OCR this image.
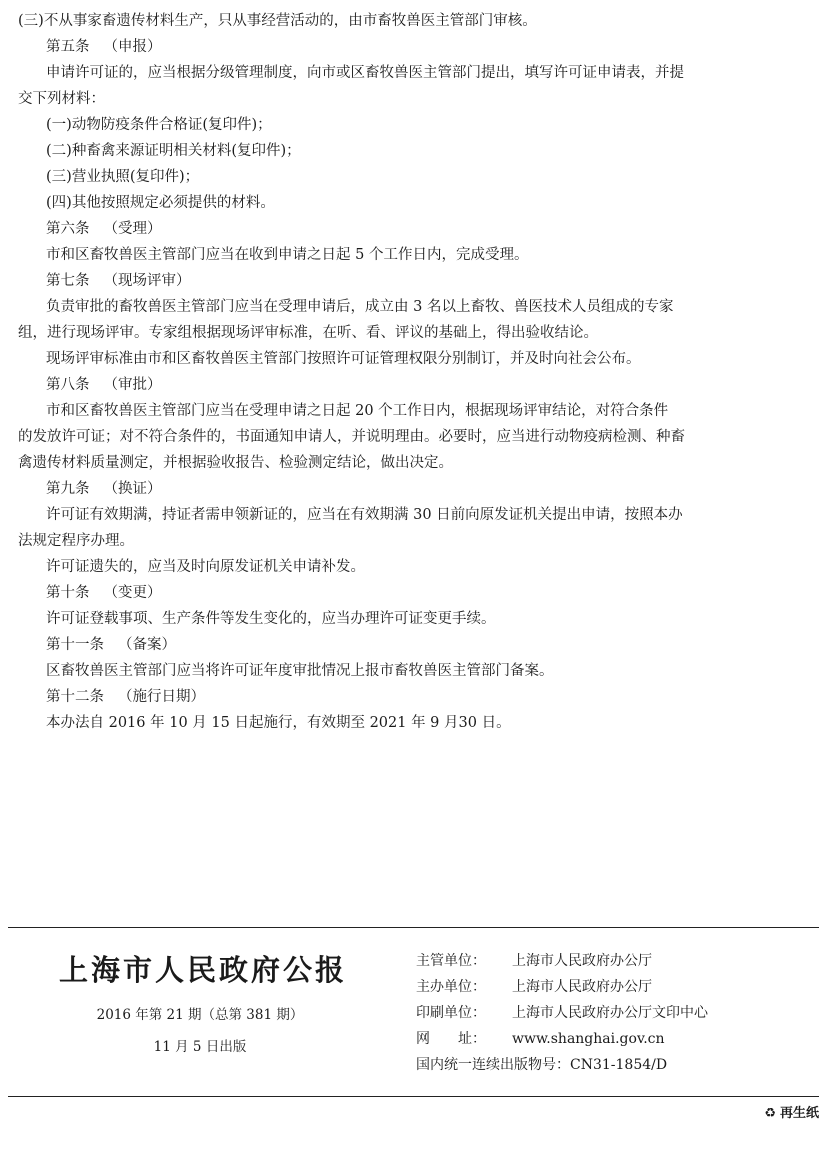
(三)不从事家畜遗传材料生产，只从事经营活动的，由市畜牧兽医主管部门审核。
第五条 （申报）
申请许可证的，应当根据分级管理制度，向市或区畜牧兽医主管部门提出，填写许可证申请表，并提
交下列材料：
(一)动物防疫条件合格证(复印件)；
(二)种畜禽来源证明相关材料(复印件)；
(三)营业执照(复印件)；
(四)其他按照规定必须提供的材料。
第六条 （受理）
市和区畜牧兽医主管部门应当在收到申请之日起 5 个工作日内，完成受理。
第七条 （现场评审）
负责审批的畜牧兽医主管部门应当在受理申请后，成立由 3 名以上畜牧、兽医技术人员组成的专家
组，进行现场评审。专家组根据现场评审标准，在听、看、评议的基础上，得出验收结论。
现场评审标准由市和区畜牧兽医主管部门按照许可证管理权限分别制订，并及时向社会公布。
第八条 （审批）
市和区畜牧兽医主管部门应当在受理申请之日起 20 个工作日内，根据现场评审结论，对符合条件
的发放许可证；对不符合条件的，书面通知申请人，并说明理由。必要时，应当进行动物疫病检测、种畜
禽遗传材料质量测定，并根据验收报告、检验测定结论，做出决定。
第九条 （换证）
许可证有效期满，持证者需申领新证的，应当在有效期满 30 日前向原发证机关提出申请，按照本办
法规定程序办理。
许可证遗失的，应当及时向原发证机关申请补发。
第十条 （变更）
许可证登载事项、生产条件等发生变化的，应当办理许可证变更手续。
第十一条 （备案）
区畜牧兽医主管部门应当将许可证年度审批情况上报市畜牧兽医主管部门备案。
第十二条 （施行日期）
本办法自 2016 年 10 月 15 日起施行，有效期至 2021 年 9 月30 日。
上海市人民政府公报
2016 年第 21 期（总第 381 期）
11 月 5 日出版
主管单位： 上海市人民政府办公厅
主办单位： 上海市人民政府办公厅
印刷单位： 上海市人民政府办公厅文印中心
网　　址： www.shanghai.gov.cn
国内统一连续出版物号：CN31-1854/D
♻ 再生纸
